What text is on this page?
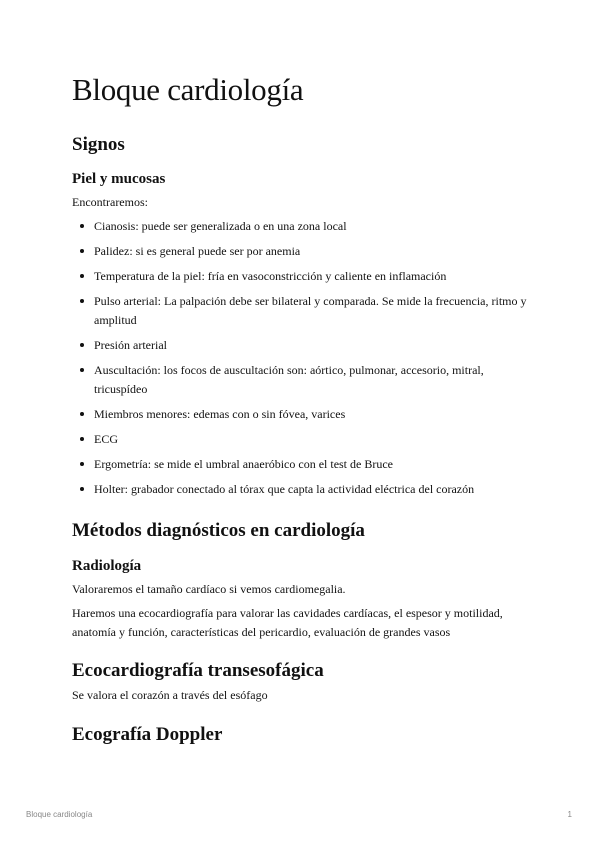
Bloque cardiología
Signos
Piel y mucosas

Encontraremos:

Cianosis: puede ser generalizada o en una zona local
Palidez: si es general puede ser por anemia
Temperatura de la piel: fría en vasoconstricción y caliente en inflamación
Pulso arterial: La palpación debe ser bilateral y comparada. Se mide la frecuencia, ritmo y amplitud
Presión arterial
Auscultación: los focos de auscultación son: aórtico, pulmonar, accesorio, mitral, tricuspídeo
Miembros menores: edemas con o sin fóvea, varices
ECG
Ergometría: se mide el umbral anaeróbico con el test de Bruce
Holter: grabador conectado al tórax que capta la actividad eléctrica del corazón
Métodos diagnósticos en cardiología
Radiología

Valoraremos el tamaño cardíaco si vemos cardiomegalia.

Haremos una ecocardiografía para valorar las cavidades cardíacas, el espesor y motilidad, anatomía y función, características del pericardio, evaluación de grandes vasos

Ecocardiografía transesofágica

Se valora el corazón a través del esófago

Ecografía Doppler
Bloque cardiología	1
